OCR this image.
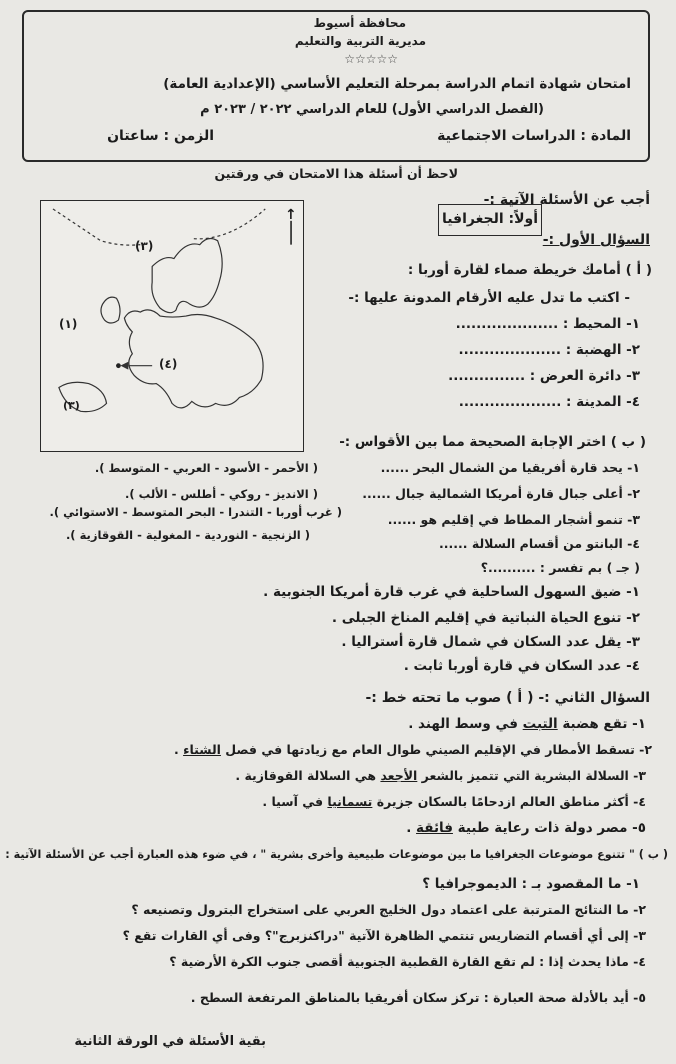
محافظة أسيوط
مديرية التربية والتعليم
☆☆☆☆☆
امتحان شهادة اتمام الدراسة بمرحلة التعليم الأساسي (الإعدادية العامة)
(الفصل الدراسي الأول) للعام الدراسي ٢٠٢٢ / ٢٠٢٣ م
المادة : الدراسات الاجتماعية
الزمن : ساعتان
لاحظ أن أسئلة هذا الامتحان في ورقتين
أجب عن الأسئلة الآتية :-
أولاً: الجغرافيا
(٣)
(١)
(٤)
(٣)
↑
السؤال الأول :-
( أ ) أمامك خريطة صماء لقارة أوربا :
- اكتب ما تدل عليه الأرقام المدونة عليها :-
١- المحيط : ....................
٢- الهضبة : ....................
٣- دائرة العرض : ...............
٤- المدينة : ....................
( ب ) اختر الإجابة الصحيحة مما بين الأقواس :-
١- يحد قارة أفريقيا من الشمال البحر ......
( الأحمر - الأسود - العربي - المتوسط ).
٢- أعلى جبال قارة أمريكا الشمالية جبال ......
( الانديز - روكي - أطلس - الألب ).
٣- تنمو أشجار المطاط في إقليم هو ......
( غرب أوربا - التندرا - البحر المتوسط - الاستوائي ).
٤- البانتو من أقسام السلالة ......
( الزنجية - النوردية - المغولية - القوقازية ).
( جـ ) بم تفسر : ..........؟
١- ضيق السهول الساحلية في غرب قارة أمريكا الجنوبية .
٢- تنوع الحياة النباتية في إقليم المناخ الجبلى .
٣- يقل عدد السكان في شمال قارة أستراليا .
٤- عدد السكان في قارة أوربا ثابت .
السؤال الثاني :- ( أ ) صوب ما تحته خط :-
١- تقع هضبة التبت في وسط الهند .
٢- تسقط الأمطار في الإقليم الصيني طوال العام مع زيادتها في فصل الشتاء .
٣- السلالة البشرية التي تتميز بالشعر الأجعد هي السلالة القوقازية .
٤- أكثر مناطق العالم ازدحامًا بالسكان جزيرة تسمانيا في آسيا .
٥- مصر دولة ذات رعاية طبية فائقة .
( ب ) " تتنوع موضوعات الجغرافيا ما بين موضوعات طبيعية وأخرى بشرية " ، في ضوء هذه العبارة أجب عن الأسئلة الآتية :
١- ما المقصود بـ : الديموجرافيا ؟
٢- ما النتائج المترتبة على اعتماد دول الخليج العربي على استخراج البترول وتصنيعه ؟
٣- إلى أي أقسام التضاريس تنتمي الظاهرة الآتية "دراكنزبرج"؟ وفى أي القارات تقع ؟
٤- ماذا يحدث إذا : لم تقع القارة القطبية الجنوبية أقصى جنوب الكرة الأرضية ؟
٥- أيد بالأدلة صحة العبارة : تركز سكان أفريقيا بالمناطق المرتفعة السطح .
بقية الأسئلة في الورقة الثانية
